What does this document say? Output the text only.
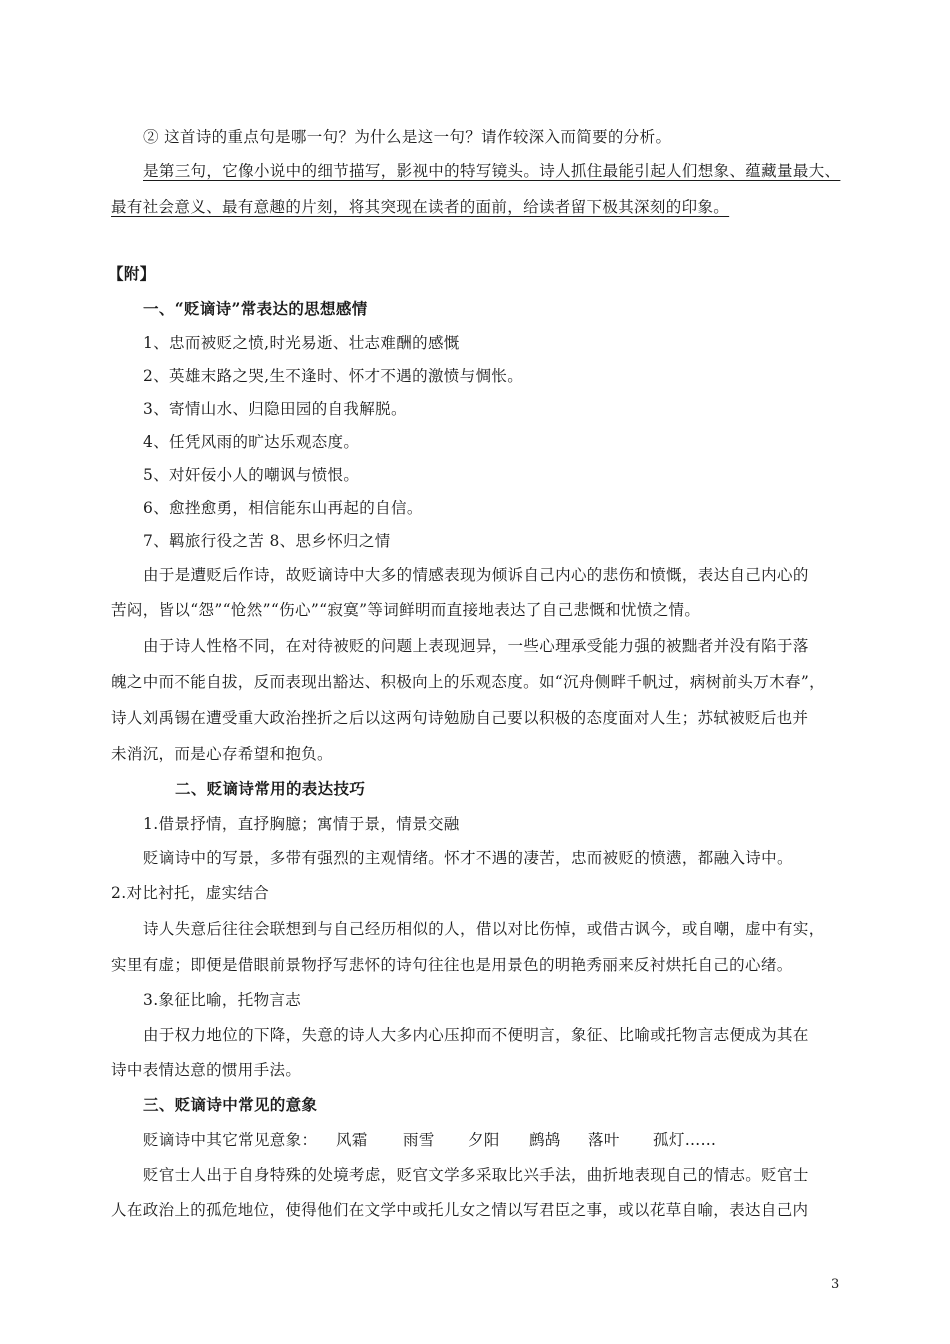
② 这首诗的重点句是哪一句？为什么是这一句？请作较深入而简要的分析。
是第三句，它像小说中的细节描写，影视中的特写镜头。诗人抓住最能引起人们想象、蕴藏量最大、
最有社会意义、最有意趣的片刻，将其突现在读者的面前，给读者留下极其深刻的印象。
【附】
一、“贬谪诗”常表达的思想感情
1、忠而被贬之愤,时光易逝、壮志难酬的感慨
2、英雄末路之哭,生不逢时、怀才不遇的激愤与惆怅。
3、寄情山水、归隐田园的自我解脱。
4、任凭风雨的旷达乐观态度。
5、对奸佞小人的嘲讽与愤恨。
6、愈挫愈勇，相信能东山再起的自信。
7、羁旅行役之苦 8、思乡怀归之情
由于是遭贬后作诗，故贬谪诗中大多的情感表现为倾诉自己内心的悲伤和愤慨，表达自己内心的
苦闷，皆以“怨”“怆然”“伤心”“寂寞”等词鲜明而直接地表达了自己悲慨和忧愤之情。
由于诗人性格不同，在对待被贬的问题上表现迥异，一些心理承受能力强的被黜者并没有陷于落
魄之中而不能自拔，反而表现出豁达、积极向上的乐观态度。如“沉舟侧畔千帆过，病树前头万木春”，
诗人刘禹锡在遭受重大政治挫折之后以这两句诗勉励自己要以积极的态度面对人生；苏轼被贬后也并
未消沉，而是心存希望和抱负。
二、贬谪诗常用的表达技巧
1.借景抒情，直抒胸臆；寓情于景，情景交融
贬谪诗中的写景，多带有强烈的主观情绪。怀才不遇的凄苦，忠而被贬的愤懑，都融入诗中。
2.对比衬托，虚实结合
诗人失意后往往会联想到与自己经历相似的人，借以对比伤悼，或借古讽今，或自嘲，虚中有实，
实里有虚；即便是借眼前景物抒写悲怀的诗句往往也是用景色的明艳秀丽来反衬烘托自己的心绪。
3.象征比喻，托物言志
由于权力地位的下降，失意的诗人大多内心压抑而不便明言，象征、比喻或托物言志便成为其在
诗中表情达意的惯用手法。
三、贬谪诗中常见的意象
贬谪诗中其它常见意象： 风霜 雨雪 夕阳 鹧鸪 落叶 孤灯……
贬官士人出于自身特殊的处境考虑，贬官文学多采取比兴手法，曲折地表现自己的情志。贬官士
人在政治上的孤危地位，使得他们在文学中或托儿女之情以写君臣之事，或以花草自喻，表达自己内
3
